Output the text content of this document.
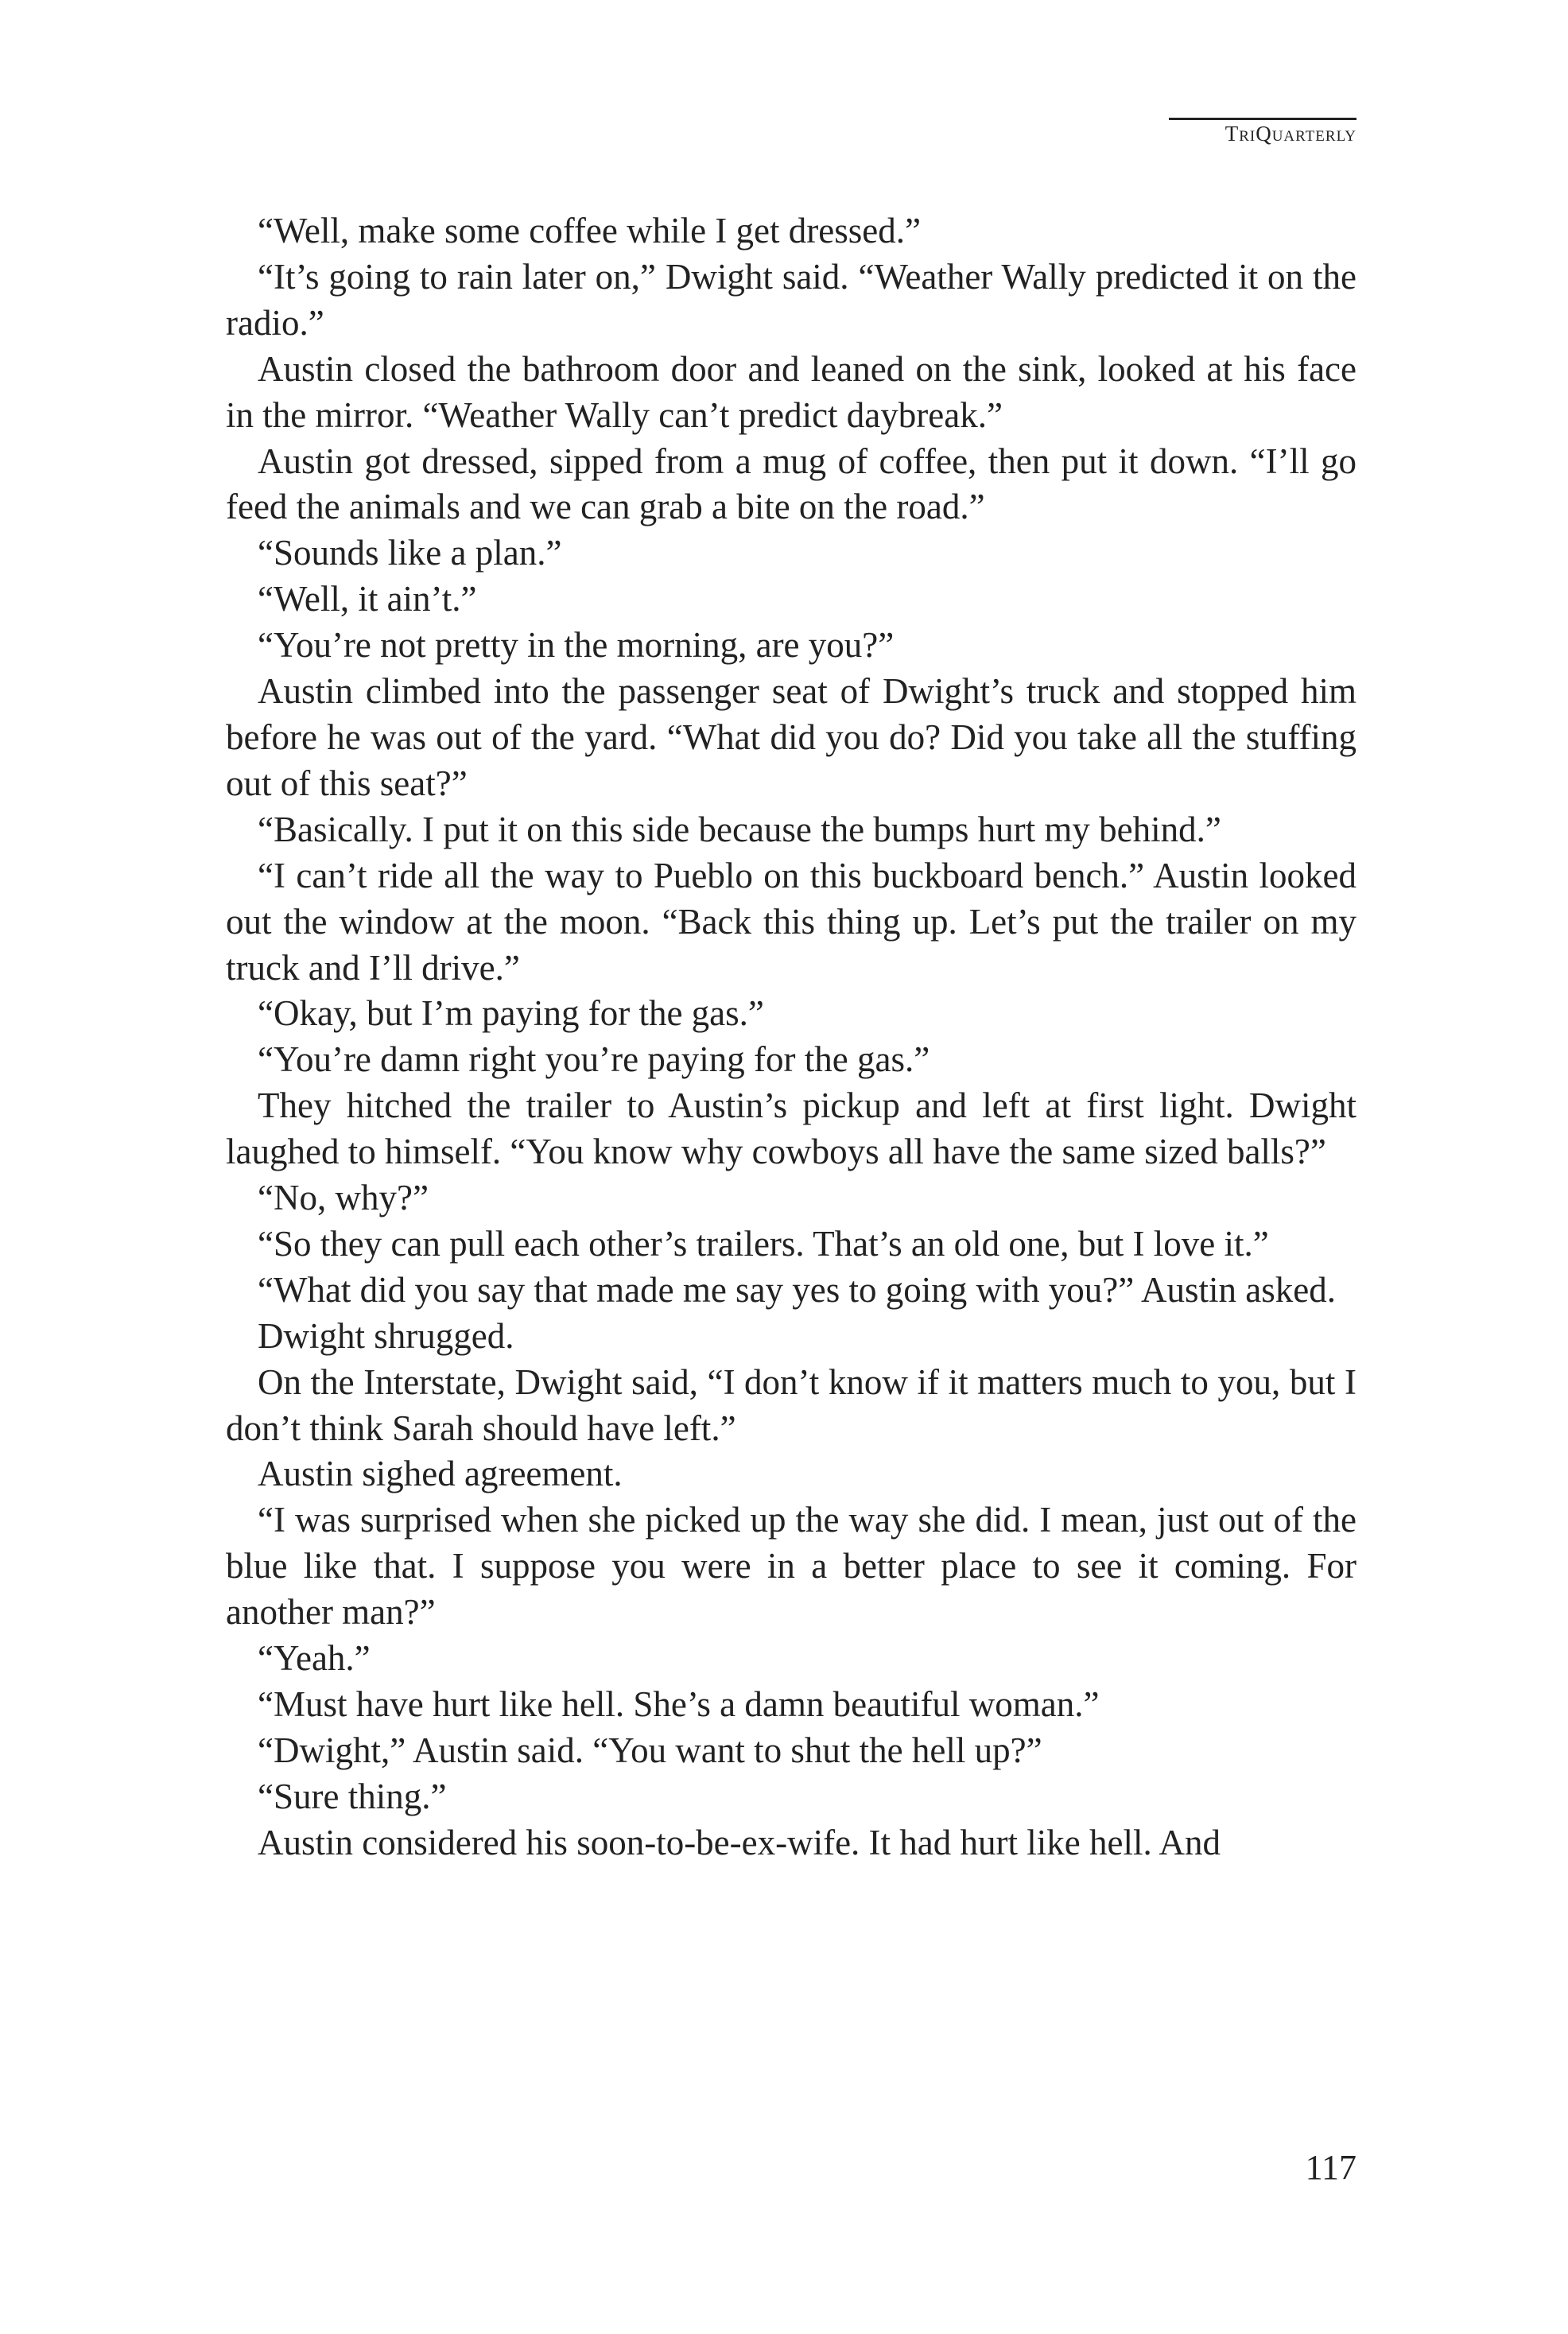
TriQuarterly

“Well, make some coffee while I get dressed.”

“It’s going to rain later on,” Dwight said. “Weather Wally predicted it on the radio.”

Austin closed the bathroom door and leaned on the sink, looked at his face in the mirror. “Weather Wally can’t predict daybreak.”

Austin got dressed, sipped from a mug of coffee, then put it down. “I’ll go feed the animals and we can grab a bite on the road.”

“Sounds like a plan.”

“Well, it ain’t.”

“You’re not pretty in the morning, are you?”

Austin climbed into the passenger seat of Dwight’s truck and stopped him before he was out of the yard. “What did you do? Did you take all the stuffing out of this seat?”

“Basically. I put it on this side because the bumps hurt my behind.”

“I can’t ride all the way to Pueblo on this buckboard bench.” Austin looked out the window at the moon. “Back this thing up. Let’s put the trailer on my truck and I’ll drive.”

“Okay, but I’m paying for the gas.”

“You’re damn right you’re paying for the gas.”

They hitched the trailer to Austin’s pickup and left at first light. Dwight laughed to himself. “You know why cowboys all have the same sized balls?”

“No, why?”

“So they can pull each other’s trailers. That’s an old one, but I love it.”

“What did you say that made me say yes to going with you?” Austin asked.

Dwight shrugged.

On the Interstate, Dwight said, “I don’t know if it matters much to you, but I don’t think Sarah should have left.”

Austin sighed agreement.

“I was surprised when she picked up the way she did. I mean, just out of the blue like that. I suppose you were in a better place to see it coming. For another man?”

“Yeah.”

“Must have hurt like hell. She’s a damn beautiful woman.”

“Dwight,” Austin said. “You want to shut the hell up?”

“Sure thing.”

Austin considered his soon-to-be-ex-wife. It had hurt like hell. And

117
